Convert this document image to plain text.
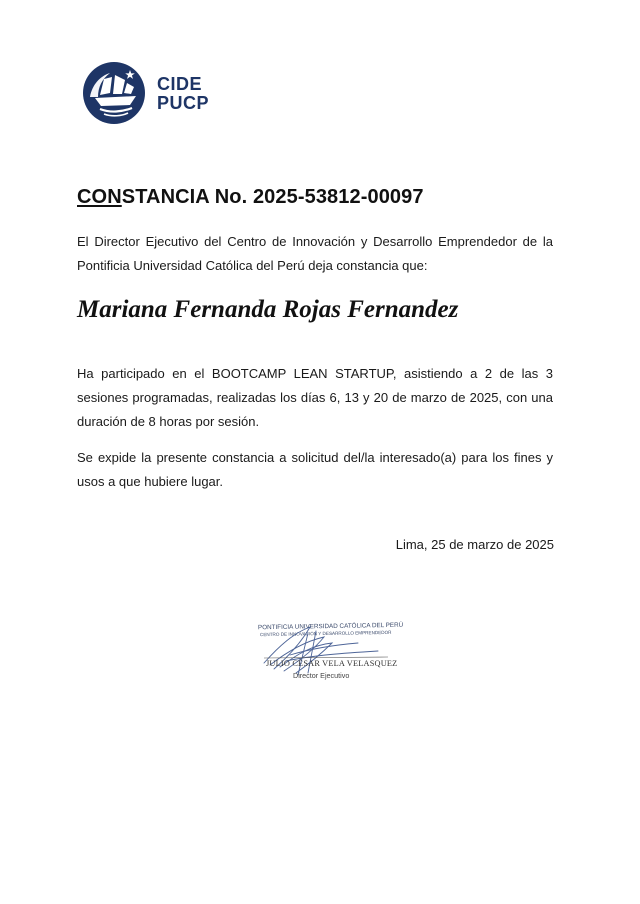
CIDE
PUCP
CONSTANCIA No. 2025-53812-00097

El Director Ejecutivo del Centro de Innovación y Desarrollo Emprendedor de la Pontificia Universidad Católica del Perú deja constancia que:

Mariana Fernanda Rojas Fernandez

Ha participado en el BOOTCAMP LEAN STARTUP, asistiendo a 2 de las 3 sesiones programadas, realizadas los días 6, 13 y 20 de marzo de 2025, con una duración de 8 horas por sesión.

Se expide la presente constancia a solicitud del/la interesado(a) para los fines y usos a que hubiere lugar.

Lima, 25 de marzo de 2025
PONTIFICIA UNIVERSIDAD CATÓLICA DEL PERÚ
CENTRO DE INNOVACIÓN Y DESARROLLO EMPRENDEDOR
JULIO CÉSAR VELA VELASQUEZ
Director Ejecutivo
